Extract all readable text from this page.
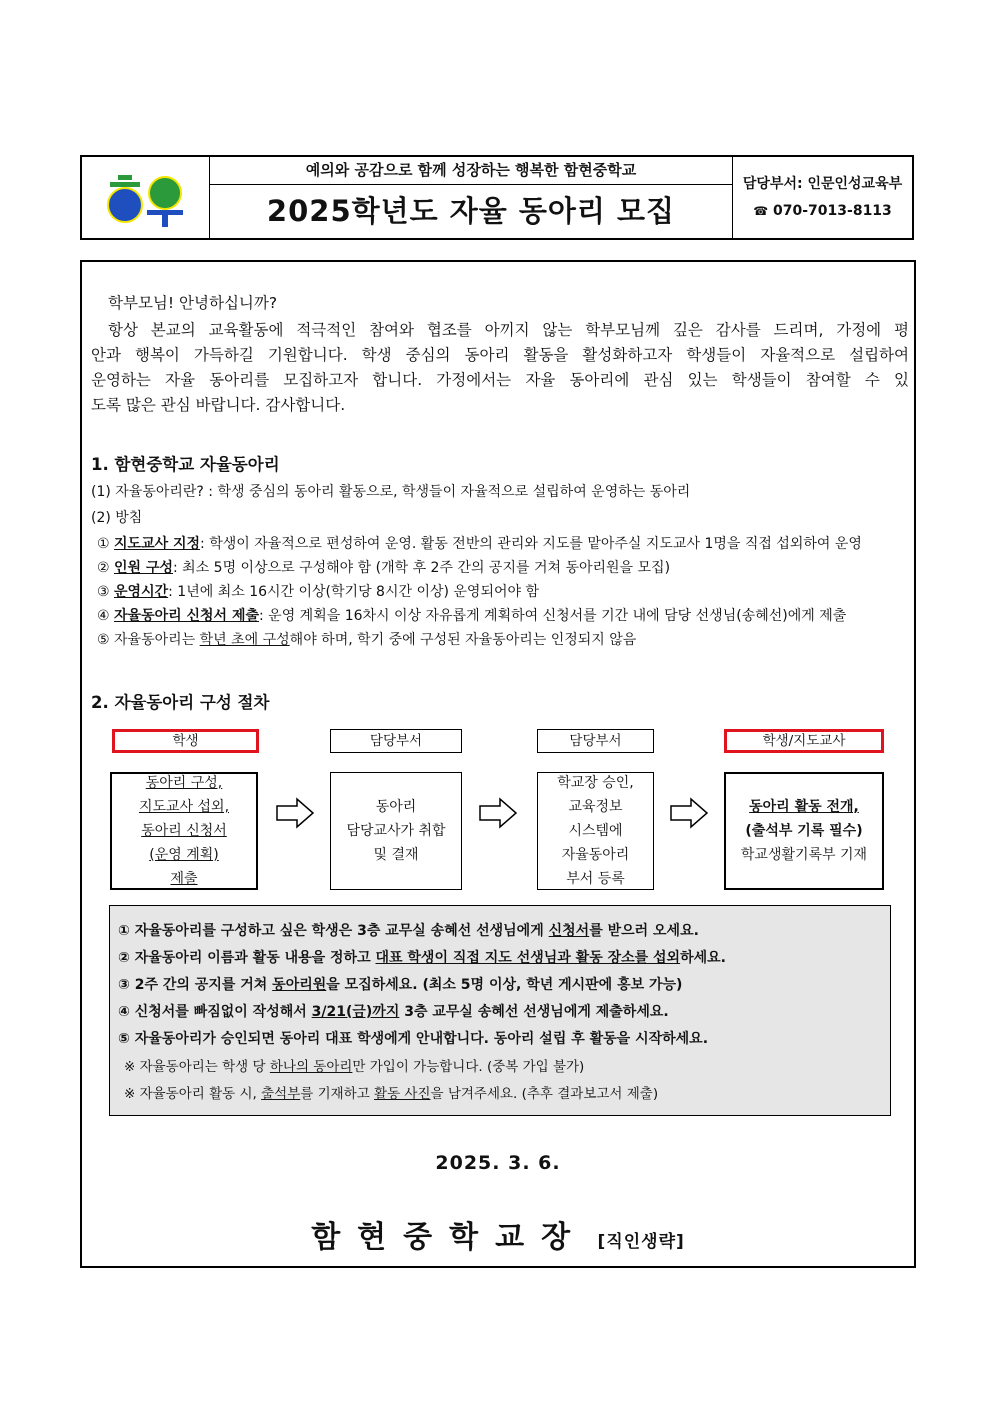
예의와 공감으로 함께 성장하는 행복한 함현중학교
2025학년도 자율 동아리 모집
담당부서: 인문인성교육부
☎ 070-7013-8113
학부모님! 안녕하십니까?
항상 본교의 교육활동에 적극적인 참여와 협조를 아끼지 않는 학부모님께 깊은 감사를 드리며, 가정에 평
안과 행복이 가득하길 기원합니다. 학생 중심의 동아리 활동을 활성화하고자 학생들이 자율적으로 설립하여
운영하는 자율 동아리를 모집하고자 합니다. 가정에서는 자율 동아리에 관심 있는 학생들이 참여할 수 있
도록 많은 관심 바랍니다. 감사합니다.
1. 함현중학교 자율동아리
(1) 자율동아리란? : 학생 중심의 동아리 활동으로, 학생들이 자율적으로 설립하여 운영하는 동아리
(2) 방침
① 지도교사 지정: 학생이 자율적으로 편성하여 운영. 활동 전반의 관리와 지도를 맡아주실 지도교사 1명을 직접 섭외하여 운영
② 인원 구성: 최소 5명 이상으로 구성해야 함 (개학 후 2주 간의 공지를 거쳐 동아리원을 모집)
③ 운영시간: 1년에 최소 16시간 이상(학기당 8시간 이상) 운영되어야 함
④ 자율동아리 신청서 제출: 운영 계획을 16차시 이상 자유롭게 계획하여 신청서를 기간 내에 담당 선생님(송혜선)에게 제출
⑤ 자율동아리는 학년 초에 구성해야 하며, 학기 중에 구성된 자율동아리는 인정되지 않음
2. 자율동아리 구성 절차
학생	담당부서	담당부서	학생/지도교사
동아리 구성,
지도교사 섭외,
동아리 신청서
(운영 계획)
제출
동아리
담당교사가 취합
및 결재
학교장 승인,
교육정보
시스템에
자율동아리
부서 등록
동아리 활동 전개,
(출석부 기록 필수)
학교생활기록부 기재
① 자율동아리를 구성하고 싶은 학생은 3층 교무실 송혜선 선생님에게 신청서를 받으러 오세요.
② 자율동아리 이름과 활동 내용을 정하고 대표 학생이 직접 지도 선생님과 활동 장소를 섭외하세요.
③ 2주 간의 공지를 거쳐 동아리원을 모집하세요. (최소 5명 이상, 학년 게시판에 홍보 가능)
④ 신청서를 빠짐없이 작성해서 3/21(금)까지 3층 교무실 송혜선 선생님에게 제출하세요.
⑤ 자율동아리가 승인되면 동아리 대표 학생에게 안내합니다. 동아리 설립 후 활동을 시작하세요.
※ 자율동아리는 학생 당 하나의 동아리만 가입이 가능합니다. (중복 가입 불가)
※ 자율동아리 활동 시, 출석부를 기재하고 활동 사진을 남겨주세요. (추후 결과보고서 제출)
2025. 3. 6.
함현중학교장 [직인생략]
